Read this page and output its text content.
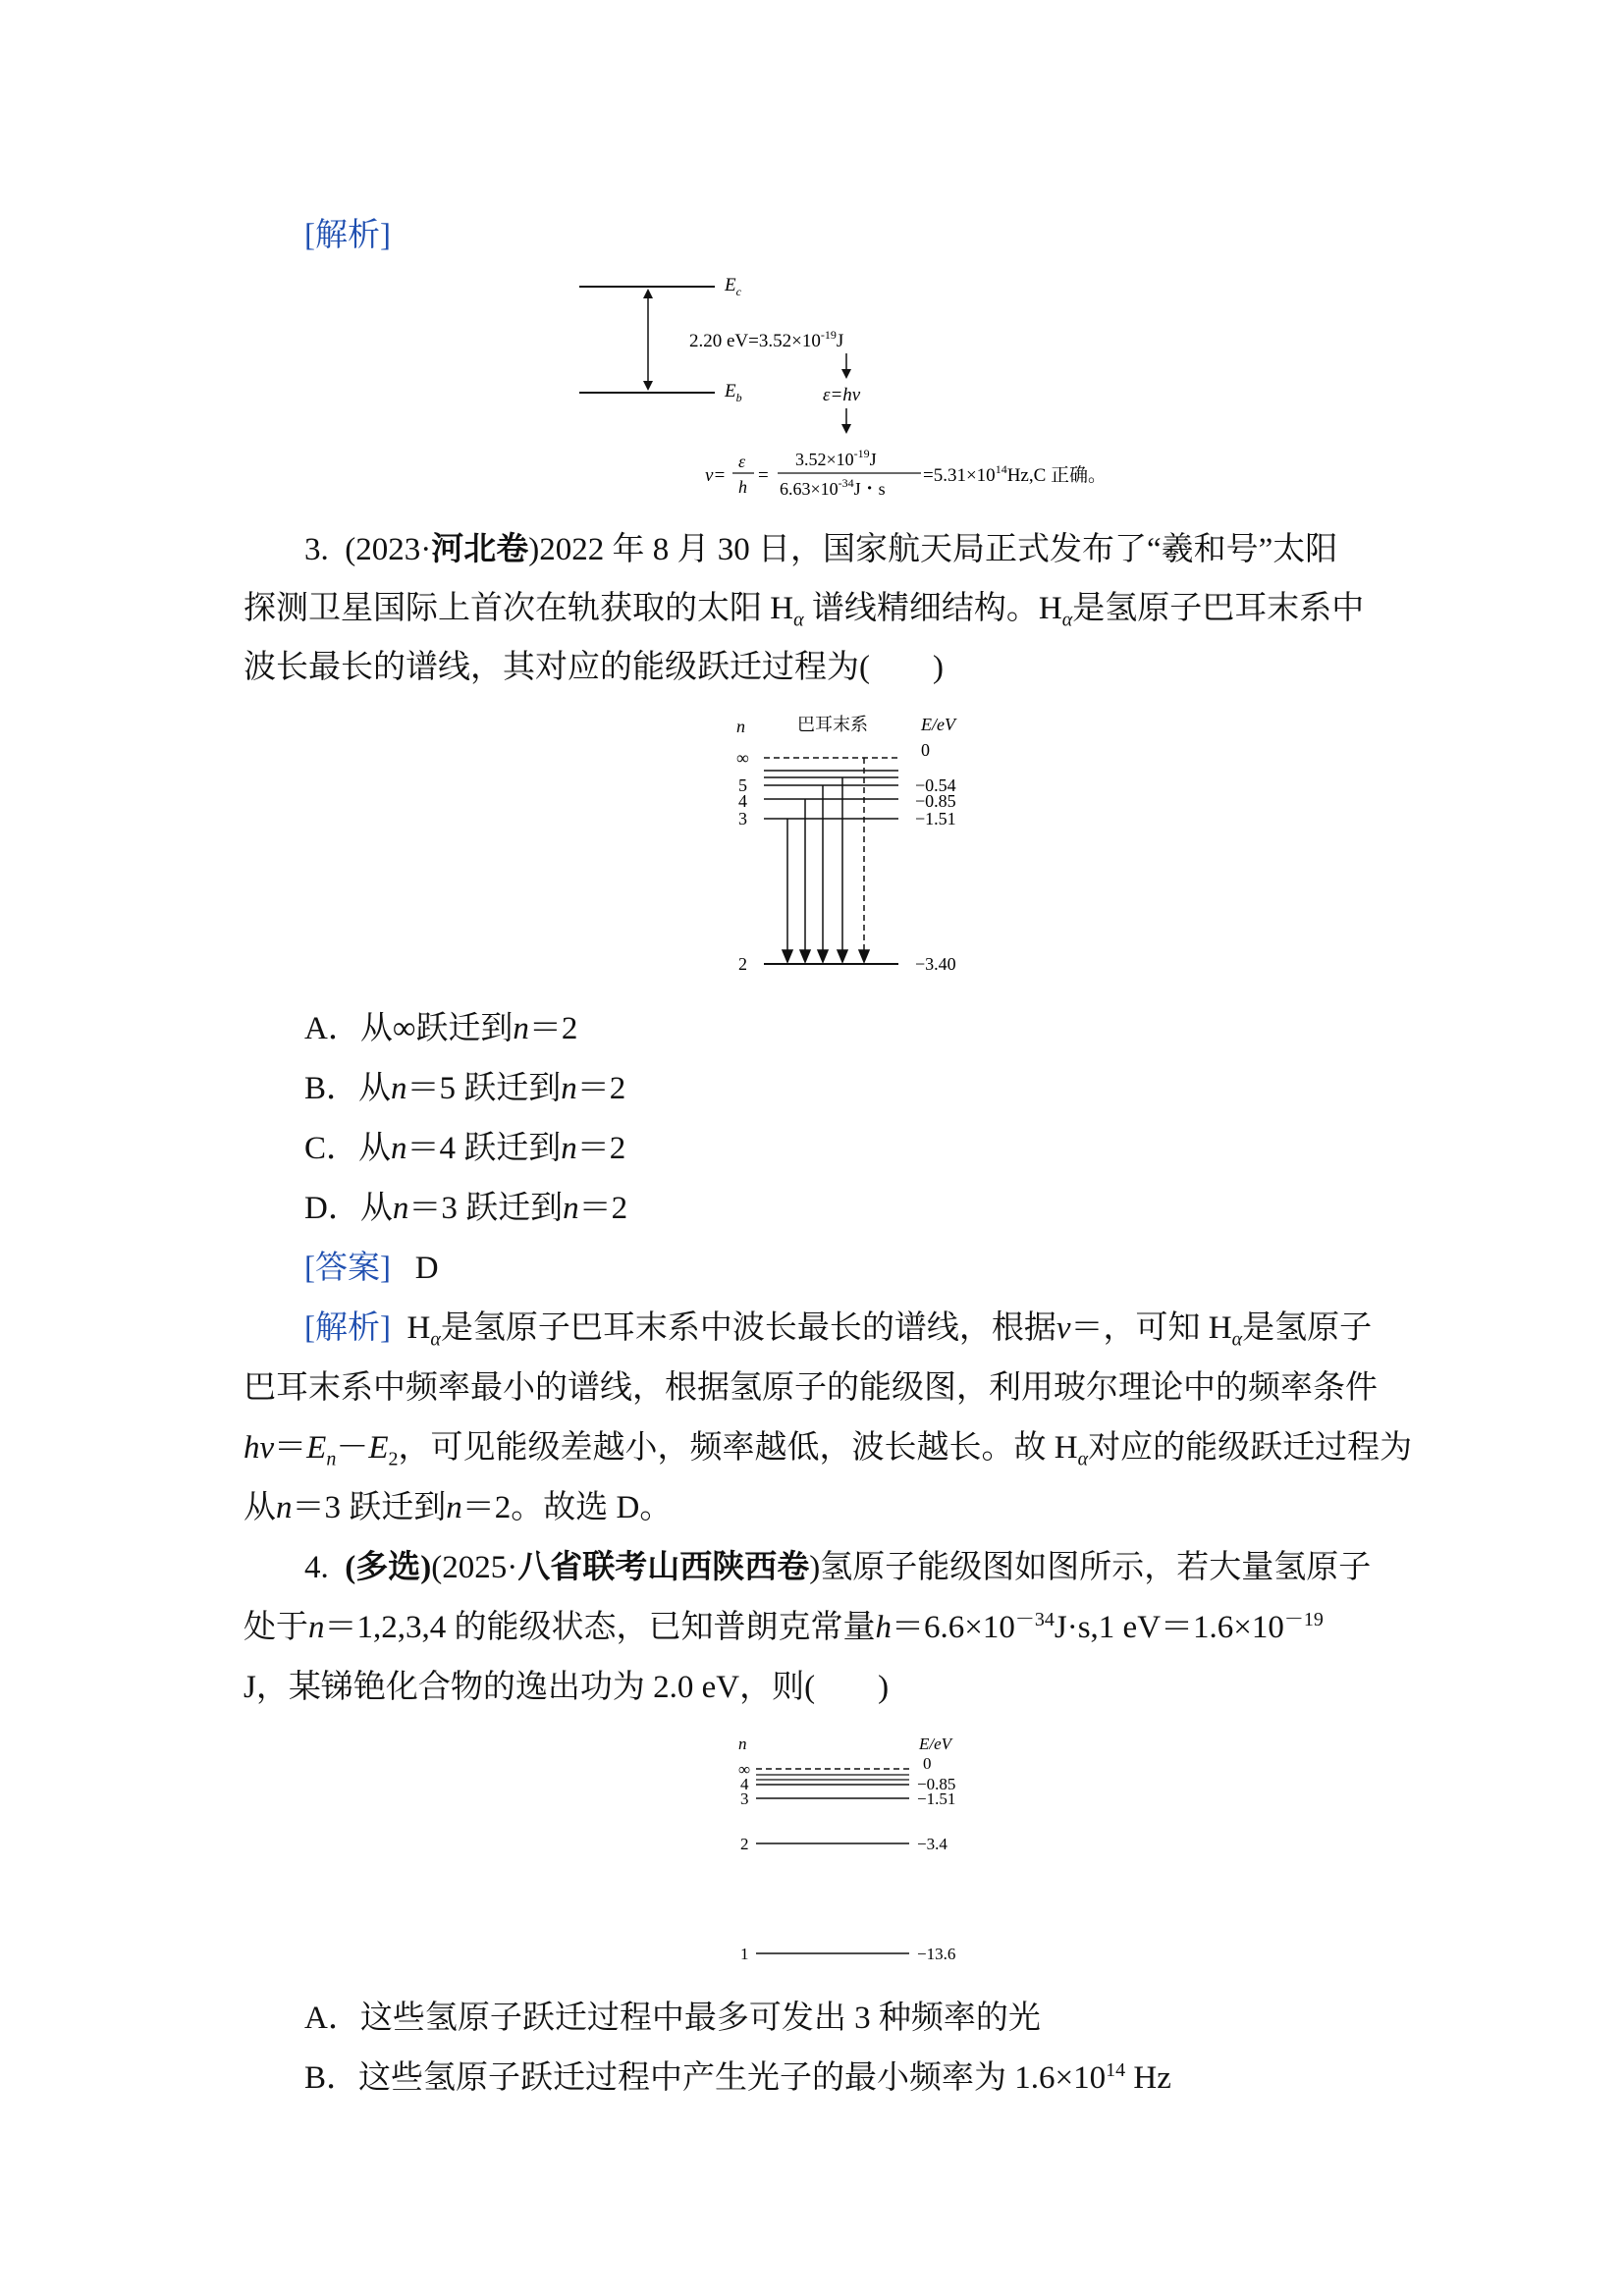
[解析]
$E_c$
$E_b$
2.20 $eV=3.52\times 10^{-19}J$
ε=hν
ν=
ε
h
=
$3.52\times 10^{-19}J$
$6.63\times 10^{-34}J$・s
$=5.31\times 10^{14}Hz,C$ 正确。
3. (2023·河北卷)2022 年 8 月 30 日，国家航天局正式发布了“羲和号”太阳
探测卫星国际上首次在轨获取的太阳 $H_\alpha$ 谱线精细结构。$H_\alpha$是氢原子巴耳末系中
波长最长的谱线，其对应的能级跃迁过程为( )
n	巴耳末系	E/eV
∞	0
5	−0.54
4	−0.85
3	−1.51
2	−3.40
A．从∞跃迁到n＝2
B．从n＝5 跃迁到n＝2
C．从n＝4 跃迁到n＝2
D．从n＝3 跃迁到n＝2
[答案] D
[解析] $H_\alpha$是氢原子巴耳末系中波长最长的谱线，根据ν＝，可知 $H_\alpha$是氢原子
巴耳末系中频率最小的谱线，根据氢原子的能级图，利用玻尔理论中的频率条件
$h\nu=E_n-E_2$，可见能级差越小，频率越低，波长越长。故 $H_\alpha$对应的能级跃迁过程为
从n＝3 跃迁到n＝2。故选 D。
4. (多选)(2025·八省联考山西陕西卷)氢原子能级图如图所示，若大量氢原子
处于n＝1,2,3,4 的能级状态，已知普朗克常量$h=6.6\times 10^{-34}J\cdot s,1$ $eV=1.6\times 10^{-19}$
J，某锑铯化合物的逸出功为 2.0 eV，则( )
n	E/eV
∞	0
4	−0.85
3	−1.51
2	−3.4
1	−13.6
A．这些氢原子跃迁过程中最多可发出 3 种频率的光
B．这些氢原子跃迁过程中产生光子的最小频率为 $1.6\times 10^{14}$ Hz
